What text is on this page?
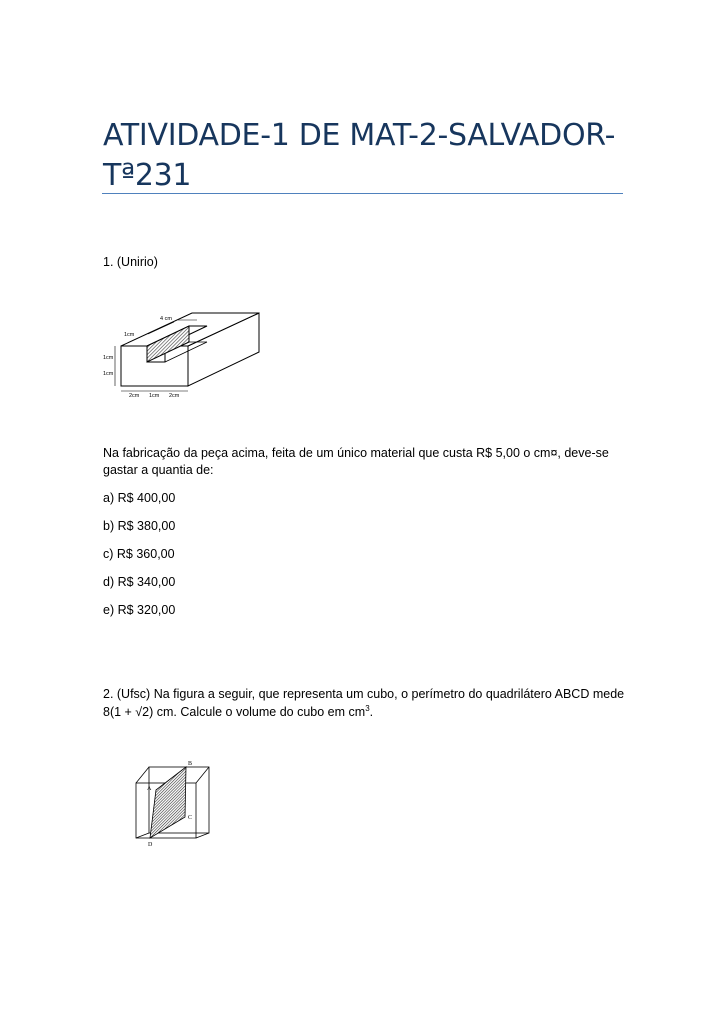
ATIVIDADE-1 DE MAT-2-SALVADOR-Tª231

1. (Unirio)

4 cm
1cm
1cm
1cm
2cm 1cm 2cm

Na fabricação da peça acima, feita de um único material que custa R$ 5,00 o cm¤, deve-se

gastar a quantia de:

a) R$ 400,00

b) R$ 380,00

c) R$ 360,00

d) R$ 340,00

e) R$ 320,00

2. (Ufsc) Na figura a seguir, que representa um cubo, o perímetro do quadrilátero ABCD mede

8(1 + √2) cm. Calcule o volume do cubo em $cm^3$.

B
A
C
D
